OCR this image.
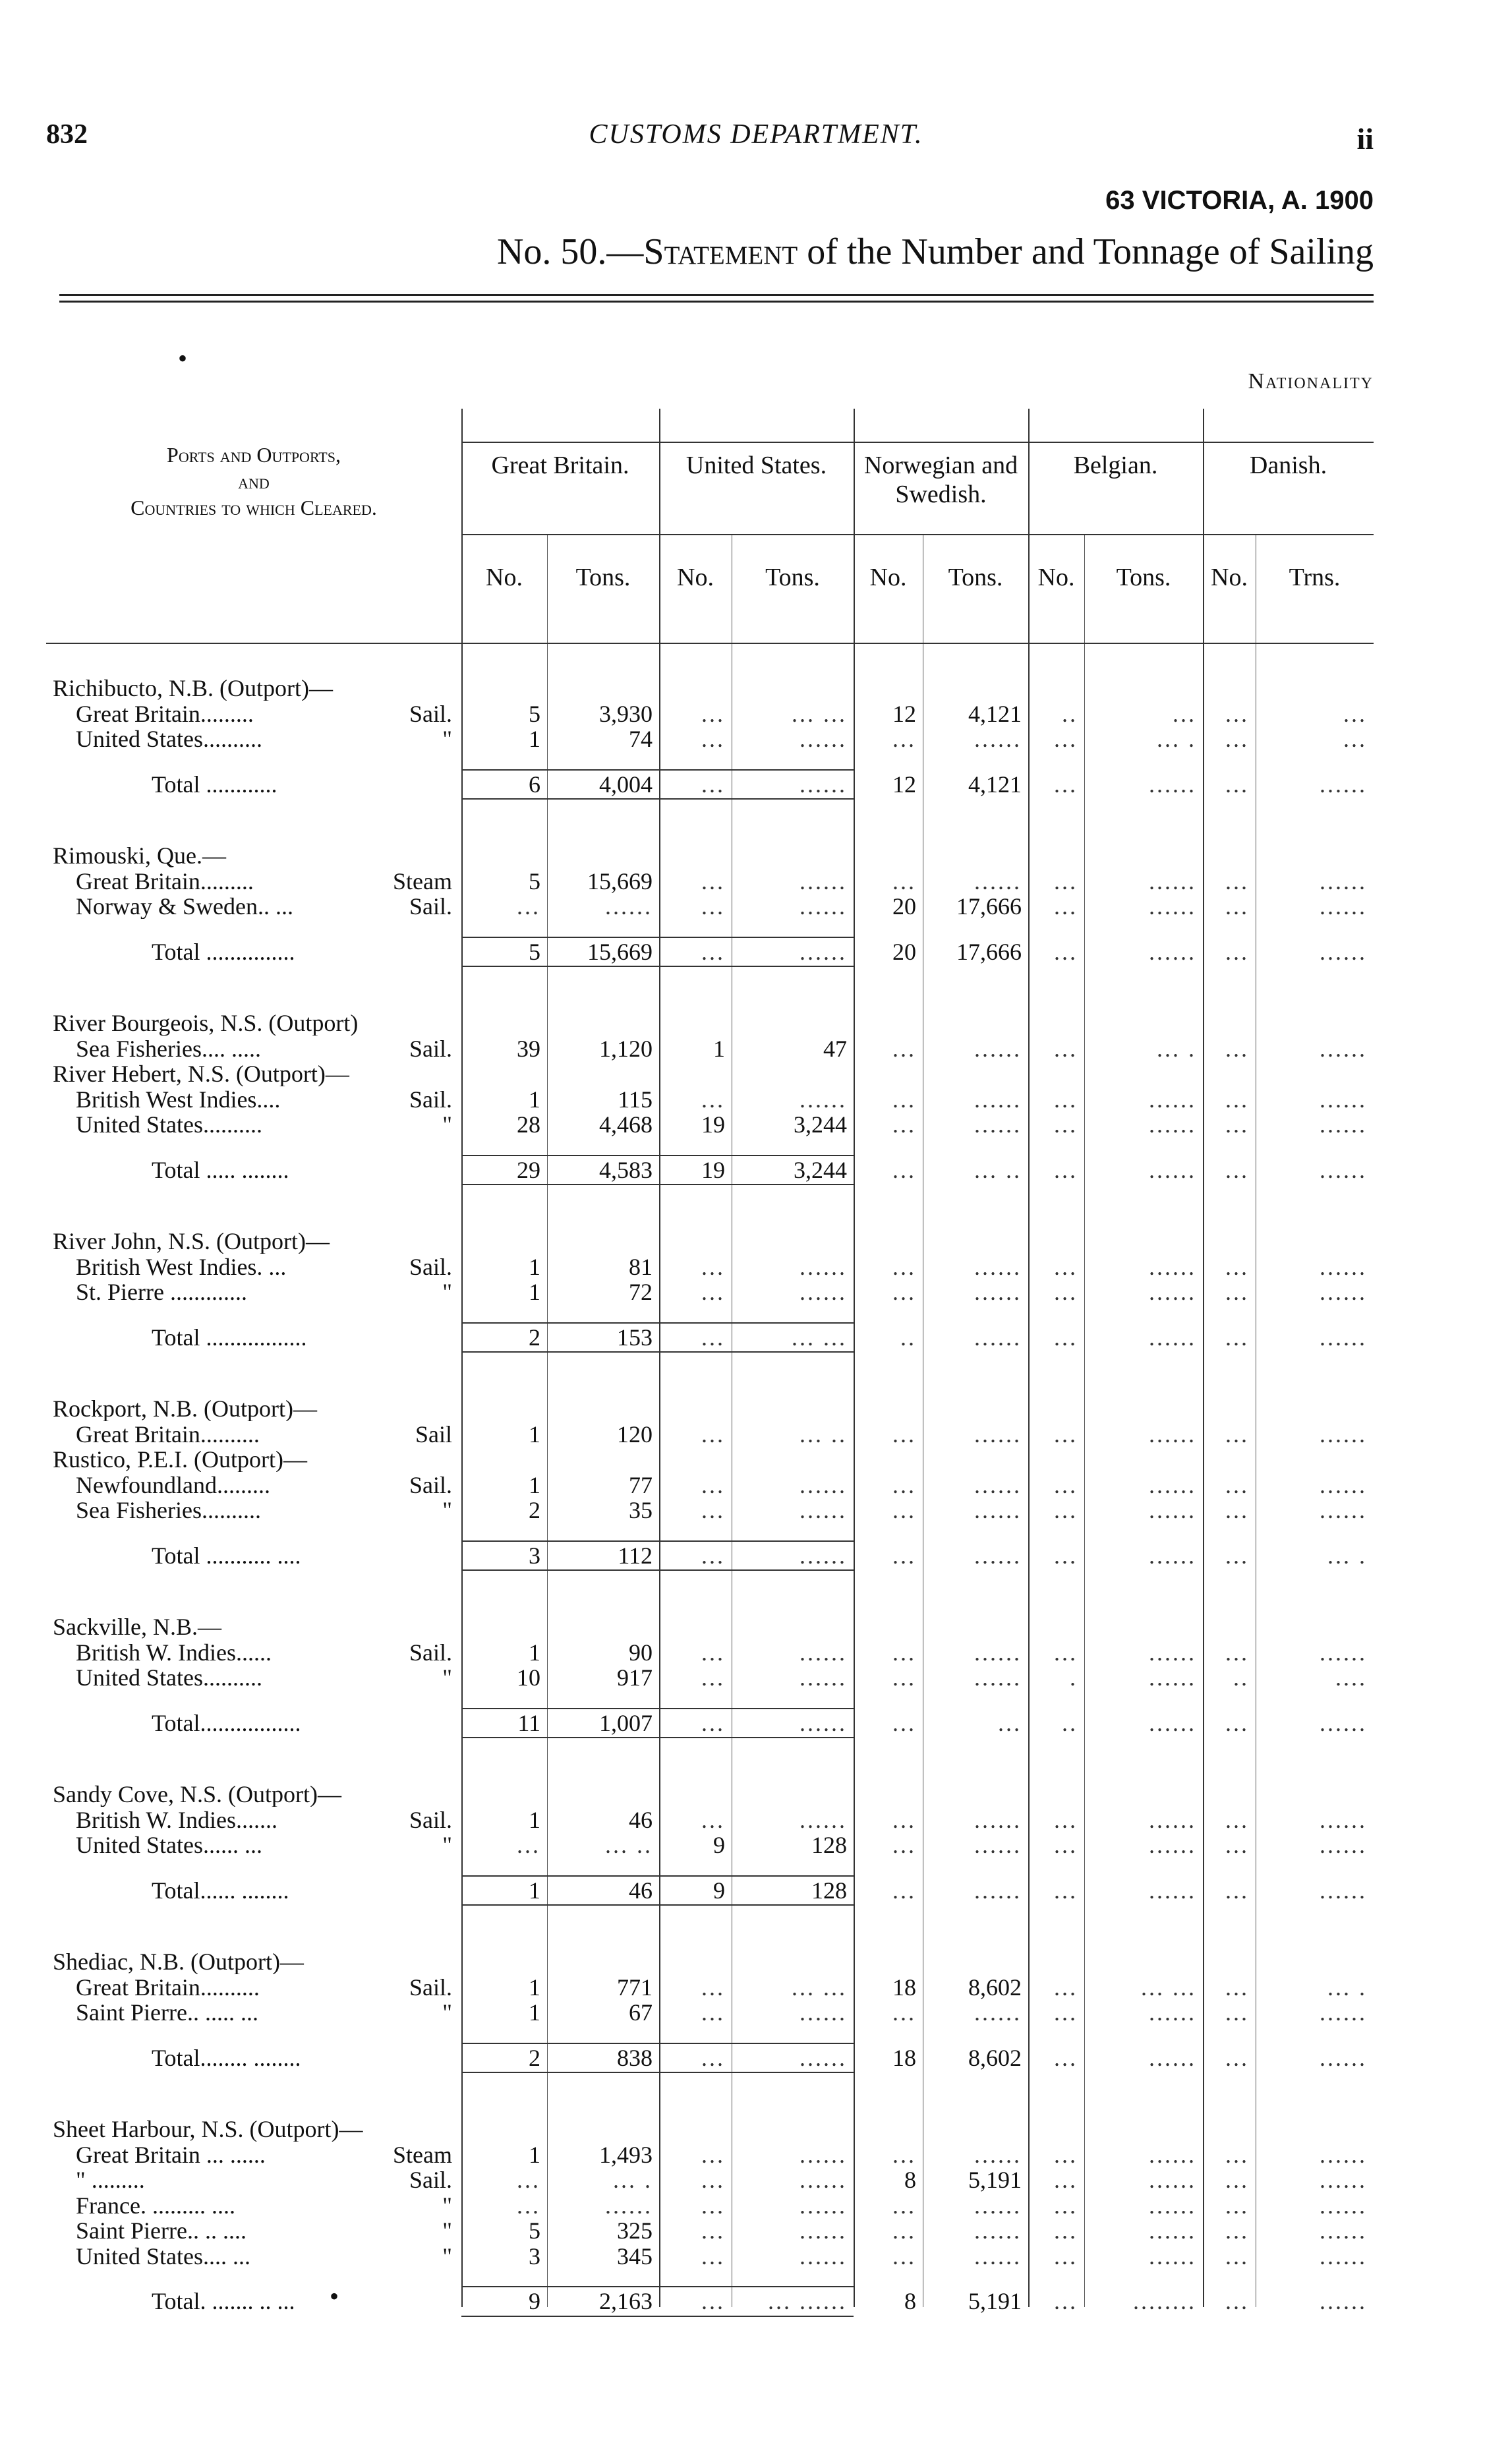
832	CUSTOMS DEPARTMENT.	ii
63 VICTORIA, A. 1900
No. 50.—Statement of the Number and Tonnage of Sailing
Nationality
Ports and Outports,
and
Countries to which Cleared.
Richibucto, N.B. (Outport)—
Great Britain.........	Sail.	5	3,930	...	... ...	12	4,121	..	...	...	...
United States..........	"	1	74	...	......	...	......	...	... .	...	...
Total ............	6	4,004	...	......	12	4,121	...	......	...	......
Rimouski, Que.—
Great Britain.........	Steam	5	15,669	...	......	...	......	...	......	...	......
Norway & Sweden.. ...	Sail.	...	......	...	......	20	17,666	...	......	...	......
Total ...............	5	15,669	...	......	20	17,666	...	......	...	......
River Bourgeois, N.S. (Outport)
Sea Fisheries.... .....	Sail.	39	1,120	1	47	...	......	...	... .	...	......
River Hebert, N.S. (Outport)—
British West Indies....	Sail.	1	115	...	......	...	......	...	......	...	......
United States..........	"	28	4,468	19	3,244	...	......	...	......	...	......
Total ..... ........	29	4,583	19	3,244	...	... ..	...	......	...	......
River John, N.S. (Outport)—
British West Indies. ...	Sail.	1	81	...	......	...	......	...	......	...	......
St. Pierre .............	"	1	72	...	......	...	......	...	......	...	......
Total .................	2	153	...	... ...	..	......	...	......	...	......
Rockport, N.B. (Outport)—
Great Britain..........	Sail	1	120	...	... ..	...	......	...	......	...	......
Rustico, P.E.I. (Outport)—
Newfoundland.........	Sail.	1	77	...	......	...	......	...	......	...	......
Sea Fisheries..........	"	2	35	...	......	...	......	...	......	...	......
Total ........... ....	3	112	...	......	...	......	...	......	...	... .
Sackville, N.B.—
British W. Indies......	Sail.	1	90	...	......	...	......	...	......	...	......
United States..........	"	10	917	...	......	...	......	.	......	..	....
Total.................	11	1,007	...	......	...	...	..	......	...	......
Sandy Cove, N.S. (Outport)—
British W. Indies.......	Sail.	1	46	...	......	...	......	...	......	...	......
United States...... ...	"	...	... ..	9	128	...	......	...	......	...	......
Total...... ........	1	46	9	128	...	......	...	......	...	......
Shediac, N.B. (Outport)—
Great Britain..........	Sail.	1	771	...	... ...	18	8,602	...	... ...	...	... .
Saint Pierre.. ..... ...	"	1	67	...	......	...	......	...	......	...	......
Total........ ........	2	838	...	......	18	8,602	...	......	...	......
Sheet Harbour, N.S. (Outport)—
Great Britain ... ......	Steam	1	1,493	...	......	...	......	...	......	...	......
" .........	Sail.	...	... .	...	......	8	5,191	...	......	...	......
France. ......... ....	"	...	......	...	......	...	......	...	......	...	......
Saint Pierre.. .. ....	"	5	325	...	......	...	......	...	......	...	......
United States.... ...	"	3	345	...	......	...	......	...	......	...	......
Total. ....... .. ...	9	2,163	...	... ......	8	5,191	...	........	...	......
Great Britain.
No.	Tons.
United States.
No.	Tons.
Norwegian and Swedish.
No.	Tons.
Belgian.
No.	Tons.
Danish.
No.	Trns.
•
•
